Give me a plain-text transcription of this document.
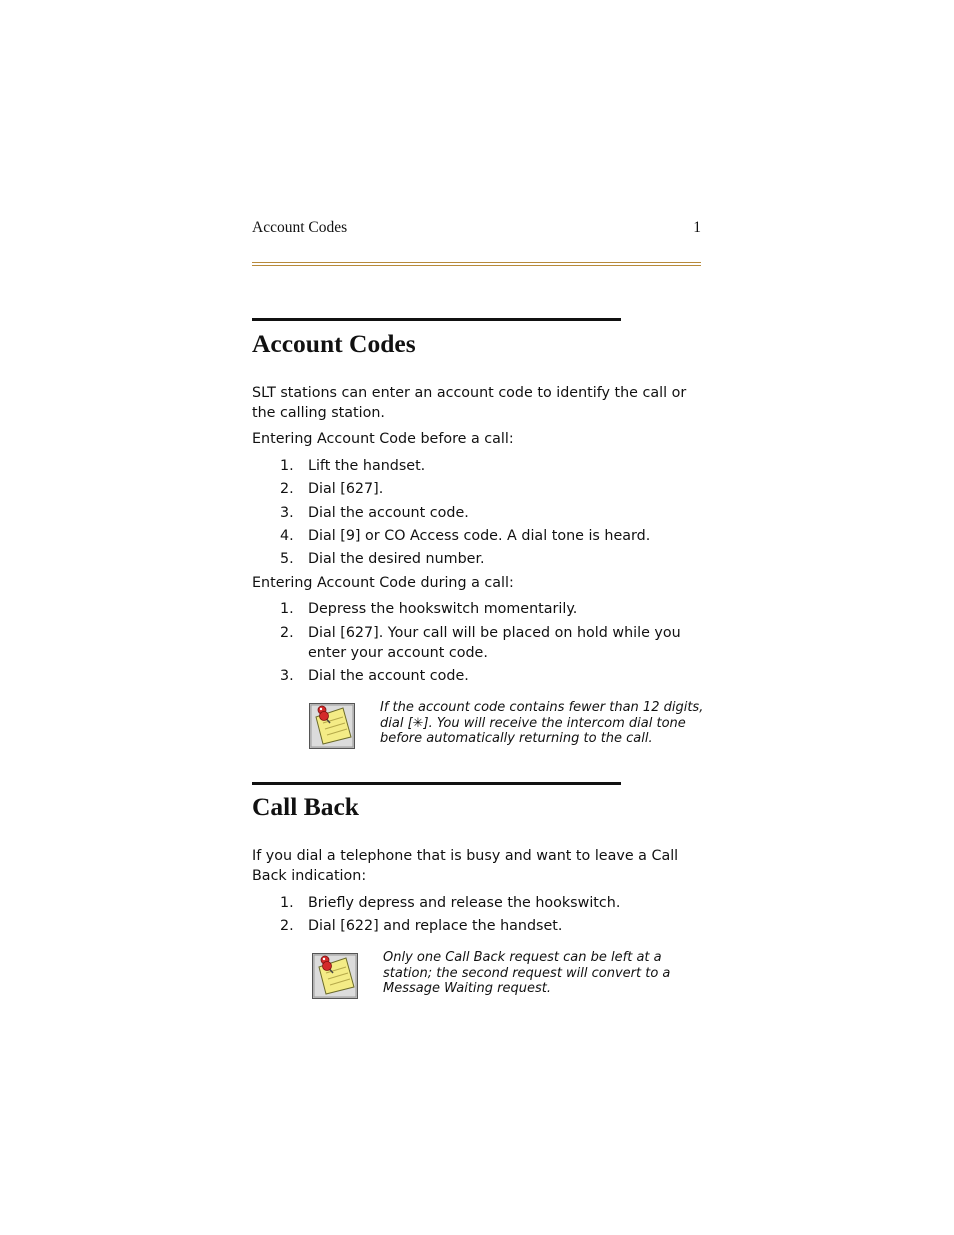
Account Codes	1
Account Codes

SLT stations can enter an account code to identify the call or the calling station.

Entering Account Code before a call:

1. Lift the handset.
2. Dial [627].
3. Dial the account code.
4. Dial [9] or CO Access code. A dial tone is heard.
5. Dial the desired number.

Entering Account Code during a call:

1. Depress the hookswitch momentarily.
2. Dial [627]. Your call will be placed on hold while you enter your account code.
3. Dial the account code.

If the account code contains fewer than 12 digits, dial [✳]. You will receive the intercom dial tone before automatically returning to the call.

Call Back

If you dial a telephone that is busy and want to leave a Call Back indication:

1. Briefly depress and release the hookswitch.
2. Dial [622] and replace the handset.

Only one Call Back request can be left at a station; the second request will convert to a Message Waiting request.
